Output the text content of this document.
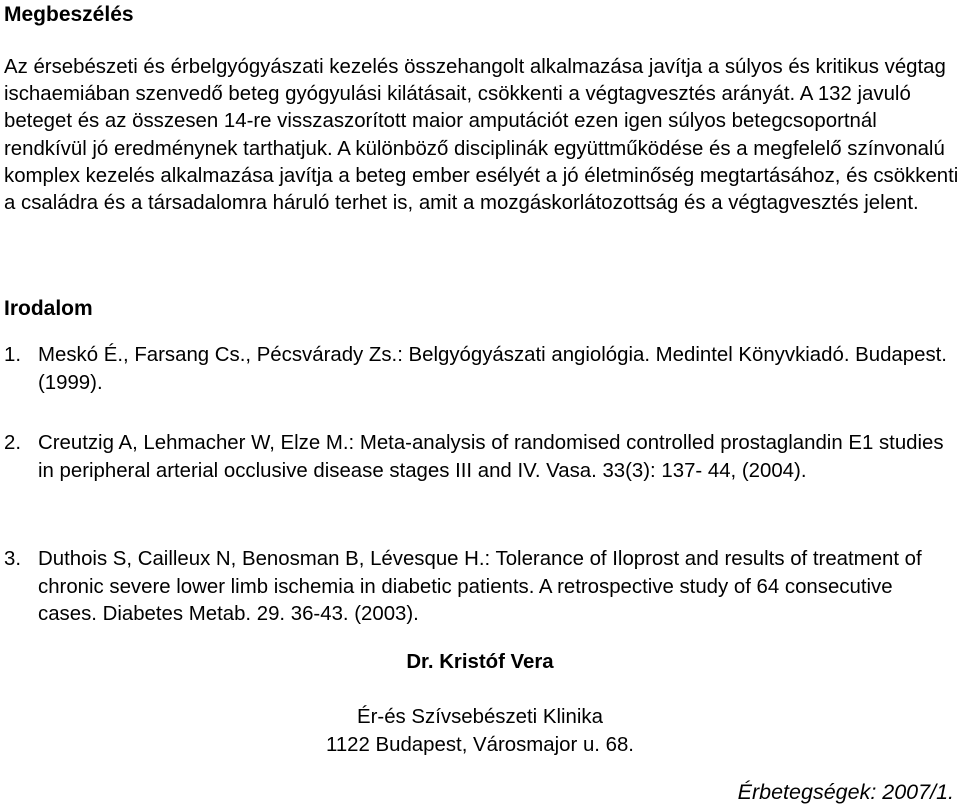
Megbeszélés

Az érsebészeti és érbelgyógyászati kezelés összehangolt alkalmazása javítja a súlyos és kritikus végtag ischaemiában szenvedő beteg gyógyulási kilátásait, csökkenti a végtagvesztés arányát. A 132 javuló beteget és az összesen 14-re visszaszorított maior amputációt ezen igen súlyos betegcsoportnál rendkívül jó eredménynek tarthatjuk. A különböző disciplinák együttműködése és a megfelelő színvonalú komplex kezelés alkalmazása javítja a beteg ember esélyét a jó életminőség megtartásához, és csökkenti a családra és a társadalomra háruló terhet is, amit a mozgáskorlátozottság és a végtagvesztés jelent.

Irodalom
1. Meskó É., Farsang Cs., Pécsvárady Zs.: Belgyógyászati angiológia. Medintel Könyvkiadó. Budapest. (1999).
2. Creutzig A, Lehmacher W, Elze M.: Meta-analysis of randomised controlled prostaglandin E1 studies in peripheral arterial occlusive disease stages III and IV. Vasa. 33(3): 137- 44, (2004).
3. Duthois S, Cailleux N, Benosman B, Lévesque H.: Tolerance of Iloprost and results of treatment of chronic severe lower limb ischemia in diabetic patients. A retrospective study of 64 consecutive cases. Diabetes Metab. 29. 36-43. (2003).

Dr. Kristóf Vera

Ér-és Szívsebészeti Klinika

1122 Budapest, Városmajor u. 68.

Érbetegségek: 2007/1.
